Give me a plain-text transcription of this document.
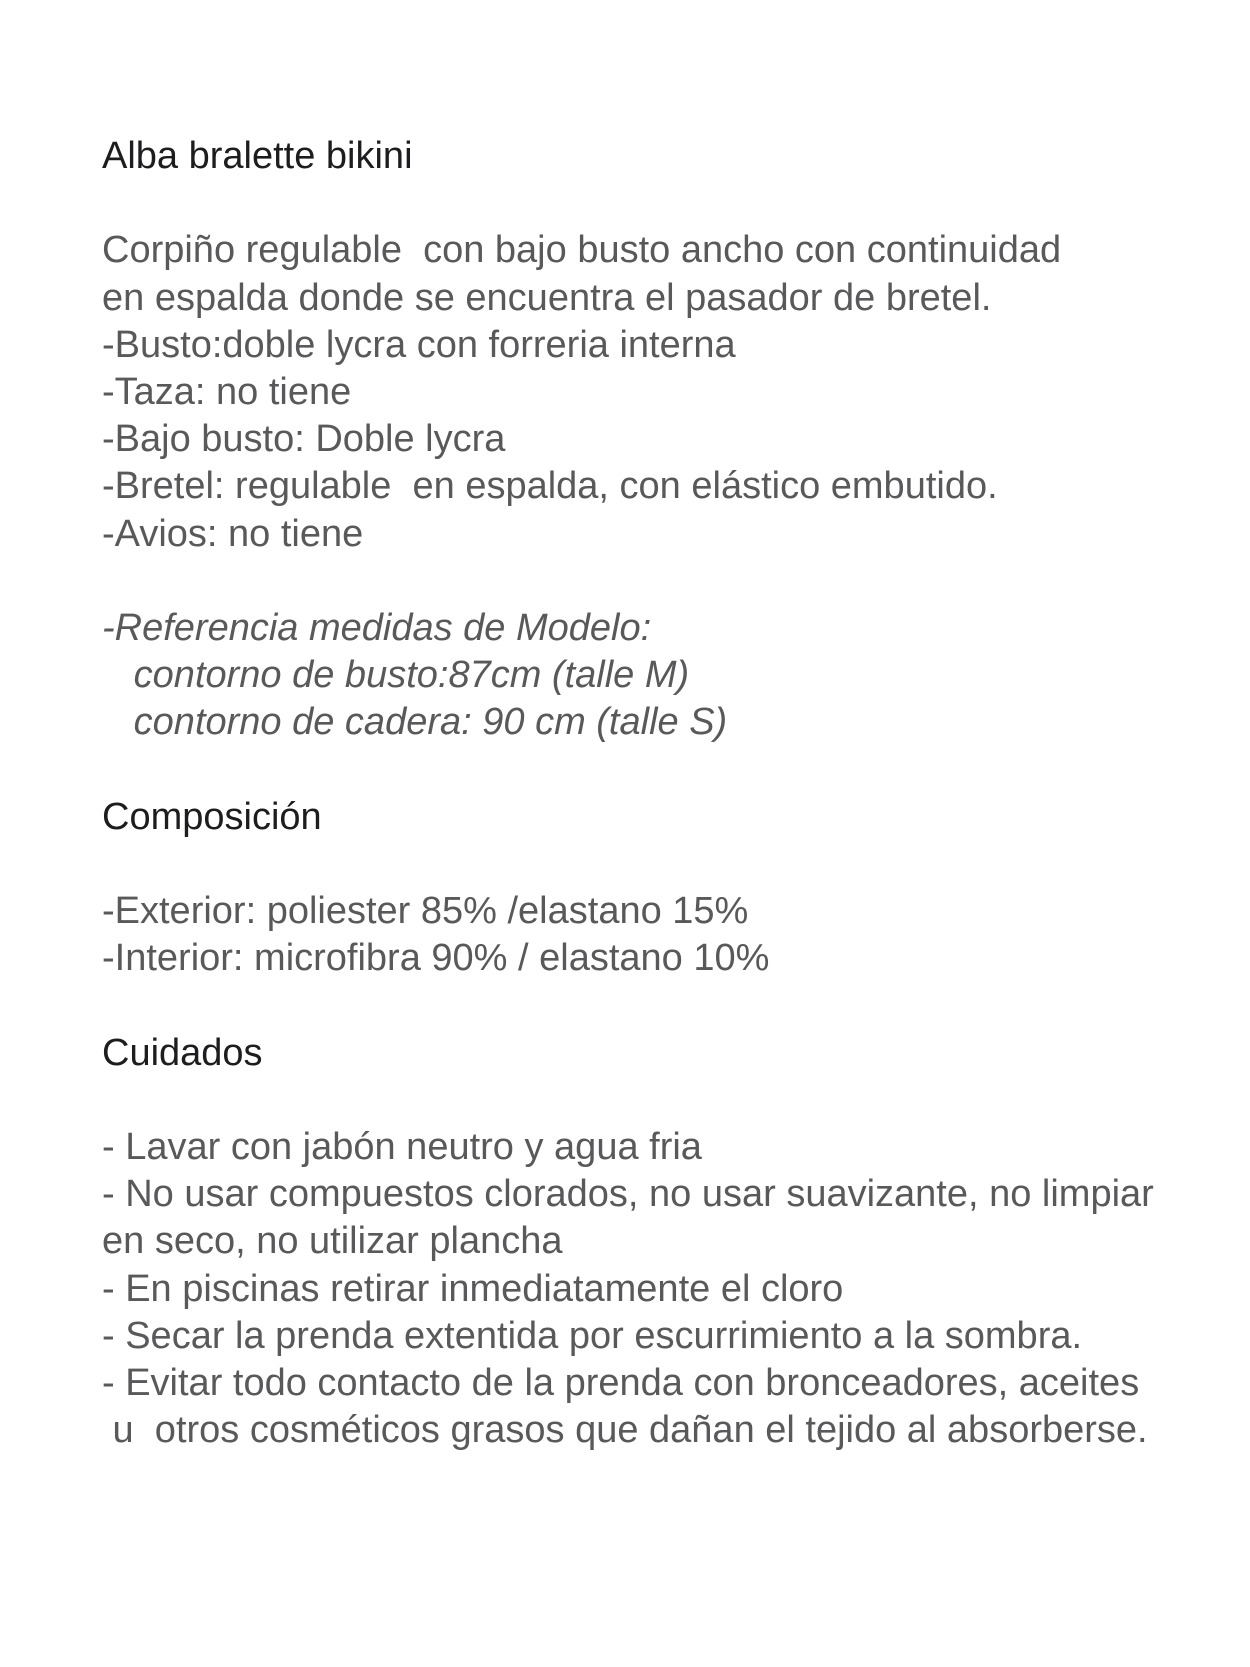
Alba bralette bikini
Corpiño regulable  con bajo busto ancho con continuidad
en espalda donde se encuentra el pasador de bretel.
-Busto:doble lycra con forreria interna
-Taza: no tiene
-Bajo busto: Doble lycra
-Bretel: regulable  en espalda, con elástico embutido.
-Avios: no tiene
-Referencia medidas de Modelo:
contorno de busto:87cm (talle M)
contorno de cadera: 90 cm (talle S)
Composición
-Exterior: poliester 85% /elastano 15%
-Interior: microfibra 90% / elastano 10%
Cuidados
- Lavar con jabón neutro y agua fria
- No usar compuestos clorados, no usar suavizante, no limpiar
en seco, no utilizar plancha
- En piscinas retirar inmediatamente el cloro
- Secar la prenda extentida por escurrimiento a la sombra.
- Evitar todo contacto de la prenda con bronceadores, aceites
u  otros cosméticos grasos que dañan el tejido al absorberse.
